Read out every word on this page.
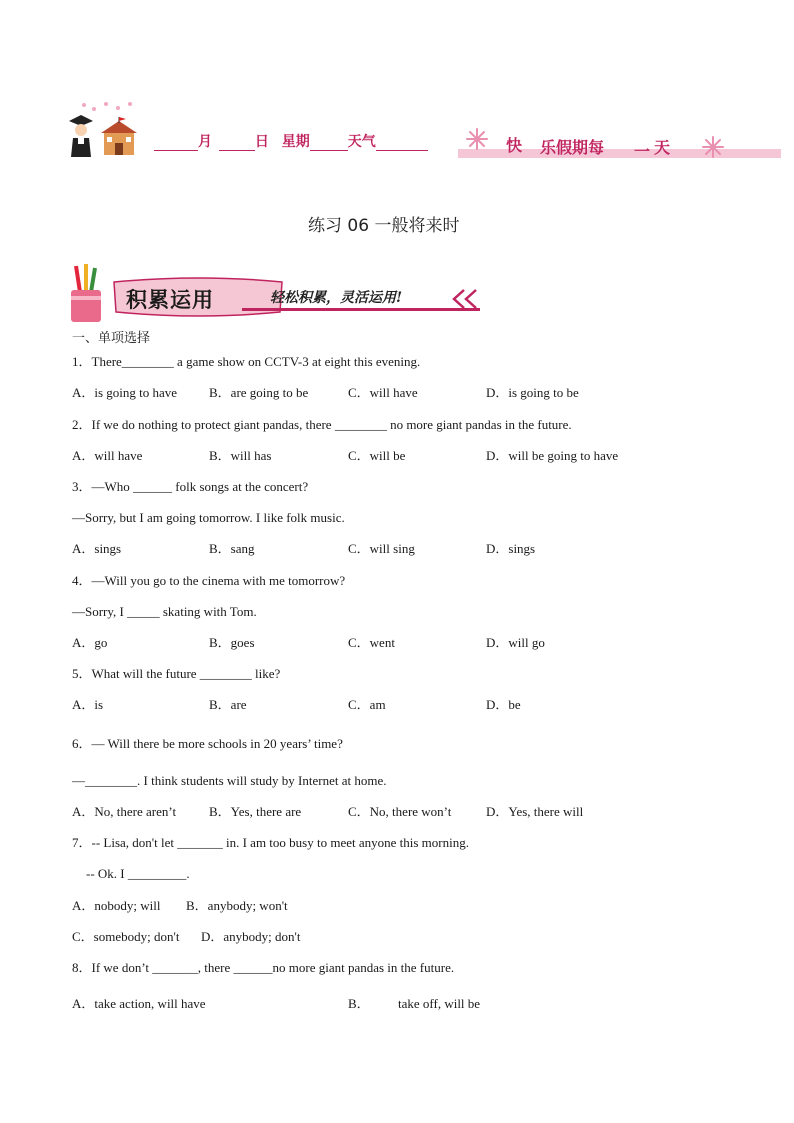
月	日 星期	天气	快 乐假期每 一 天
练习 06 一般将来时
积累运用	轻松积累，灵活运用!
一、单项选择
1．There________ a game show on CCTV-3 at eight this evening.
A．is going to have B．are going to be	C．will have	D．is going to be
2．If we do nothing to protect giant pandas, there ________ no more giant pandas in the future.
A．will have	B．will has	C．will be	D．will be going to have
3．—Who ______ folk songs at the concert?
—Sorry, but I am going tomorrow. I like folk music.
A．sings	B．sang	C．will sing	D．sings
4．—Will you go to the cinema with me tomorrow?
—Sorry, I _____ skating with Tom.
A．go	B．goes	C．went	D．will go
5．What will the future ________ like?
A．is	B．are	C．am	D．be
6．— Will there be more schools in 20 years’ time?
—________. I think students will study by Internet at home.
A．No, there aren’t	B．Yes, there are	C．No, there won’t	D．Yes, there will
7．-- Lisa, don't let _______ in. I am too busy to meet anyone this morning.
-- Ok. I _________.
A．nobody; will B．anybody; won't
C．somebody; don't D．anybody; don't
8．If we don’t _______, there ______no more giant pandas in the future.
A．take action, will have	B． take off, will be
